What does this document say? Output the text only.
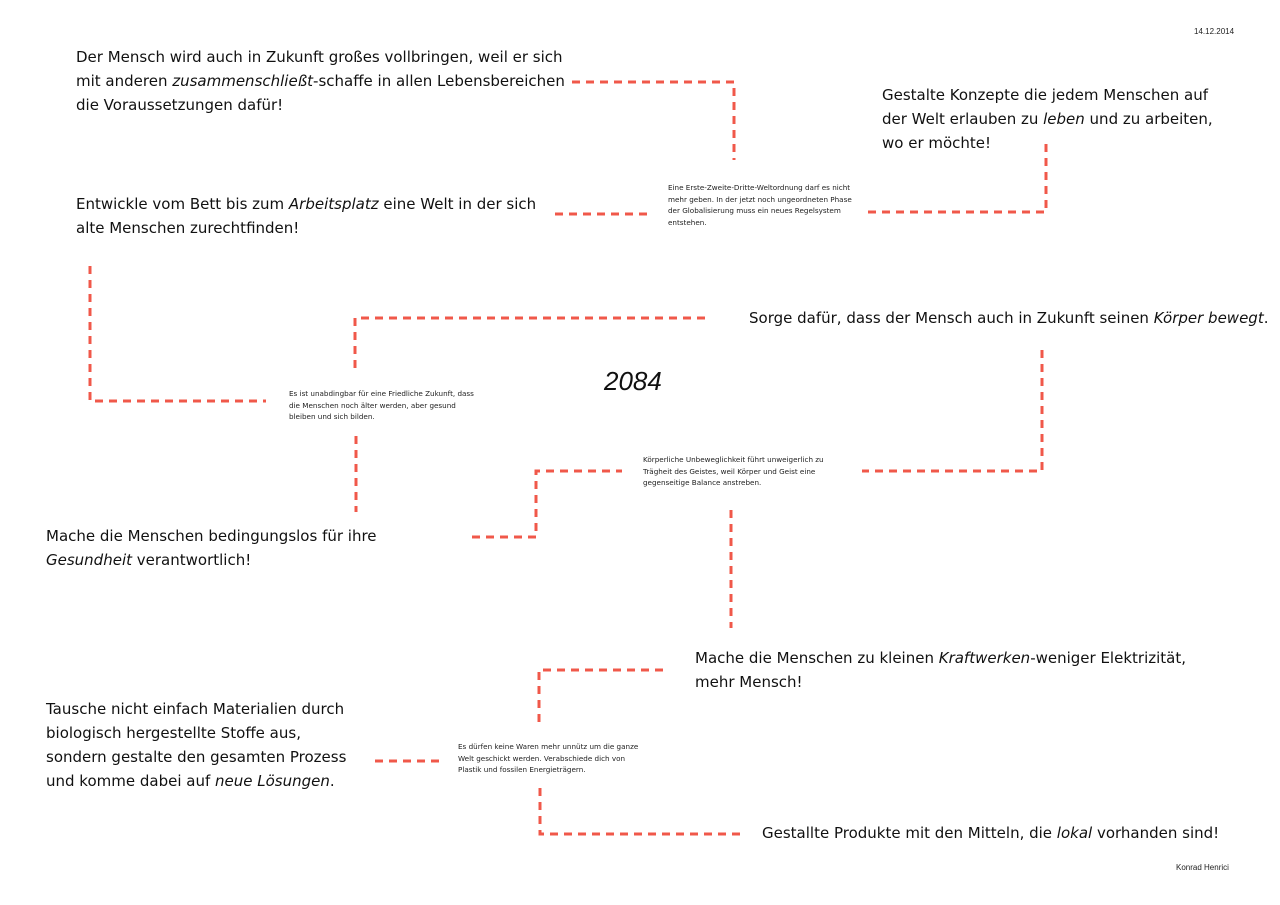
14.12.2014
Konrad Henrici
2084
Der Mensch wird auch in Zukunft großes vollbringen, weil er sich mit anderen zusammenschließt-schaffe in allen Lebensbereichen die Voraussetzungen dafür!
Gestalte Konzepte die jedem Menschen auf der Welt erlauben zu leben und zu arbeiten, wo er möchte!
Entwickle vom Bett bis zum Arbeitsplatz eine Welt in der sich alte Menschen zurechtfinden!
Sorge dafür, dass der Mensch auch in Zukunft seinen Körper bewegt.
Mache die Menschen bedingungslos für ihre Gesundheit verantwortlich!
Mache die Menschen zu kleinen Kraftwerken-weniger Elektrizität, mehr Mensch!
Tausche nicht einfach Materialien durch biologisch hergestellte Stoffe aus, sondern gestalte den gesamten Prozess und komme dabei auf neue Lösungen.
Gestallte Produkte mit den Mitteln, die lokal vorhanden sind!
Eine Erste-Zweite-Dritte-Weltordnung darf es nicht mehr geben. In der jetzt noch ungeordneten Phase der Globalisierung muss ein neues Regelsystem entstehen.
Es ist unabdingbar für eine Friedliche Zukunft, dass die Menschen noch älter werden, aber gesund bleiben und sich bilden.
Körperliche Unbeweglichkeit führt unweigerlich zu Trägheit des Geistes, weil Körper und Geist eine gegenseitige Balance anstreben.
Es dürfen keine Waren mehr unnütz um die ganze Welt geschickt werden. Verabschiede dich von Plastik und fossilen Energieträgern.
